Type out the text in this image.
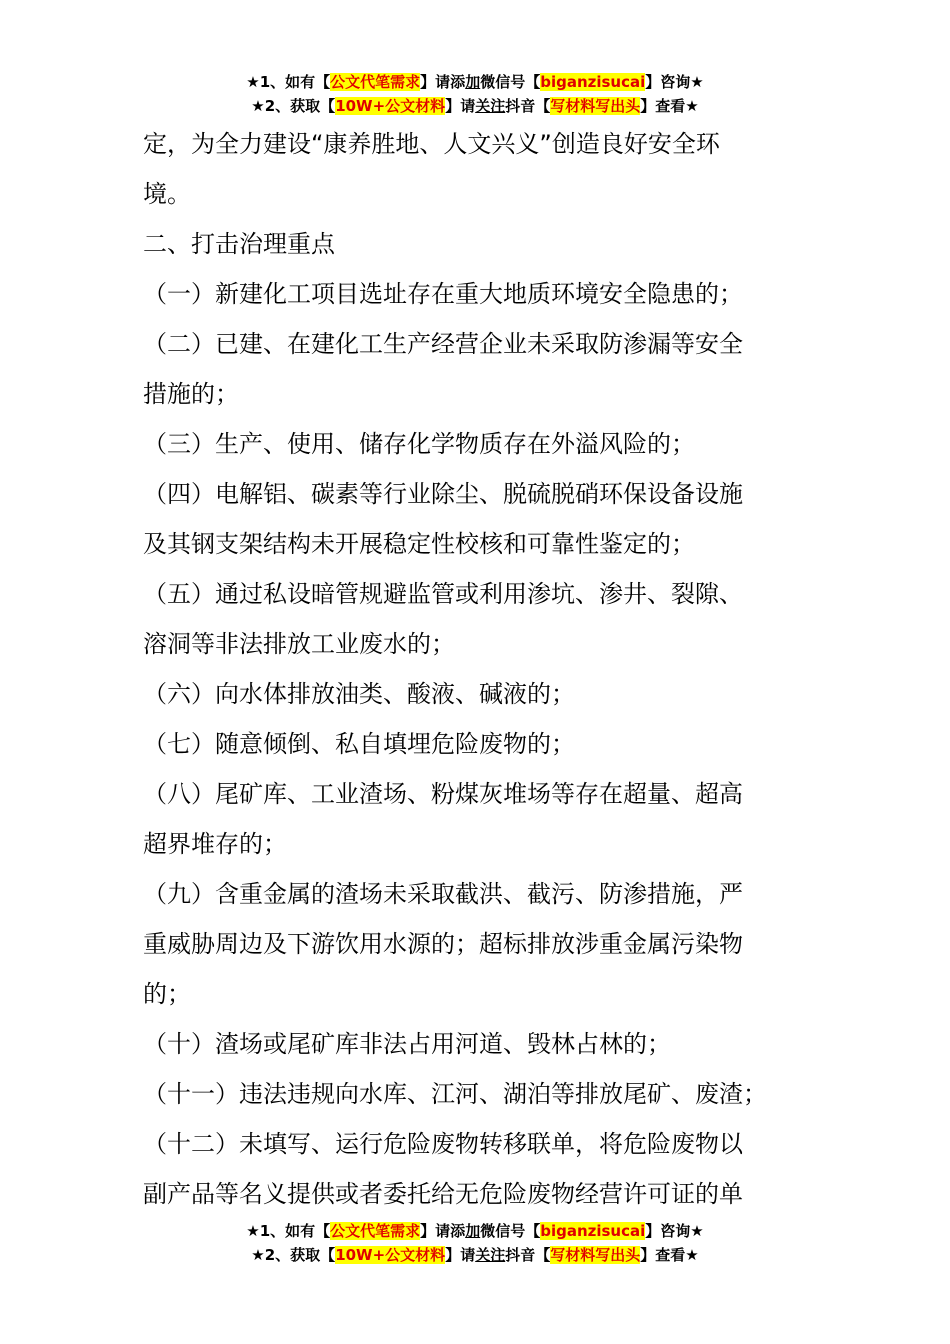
★1、如有【公文代笔需求】请添加微信号【biganzisucai】咨询★
★2、获取【10W+公文材料】请关注抖音【写材料写出头】查看★

定，为全力建设“康养胜地、人文兴义”创造良好安全环

境。

二、打击治理重点

（一）新建化工项目选址存在重大地质环境安全隐患的；

（二）已建、在建化工生产经营企业未采取防渗漏等安全

措施的；

（三）生产、使用、储存化学物质存在外溢风险的；

（四）电解铝、碳素等行业除尘、脱硫脱硝环保设备设施

及其钢支架结构未开展稳定性校核和可靠性鉴定的；

（五）通过私设暗管规避监管或利用渗坑、渗井、裂隙、

溶洞等非法排放工业废水的；

（六）向水体排放油类、酸液、碱液的；

（七）随意倾倒、私自填埋危险废物的；

（八）尾矿库、工业渣场、粉煤灰堆场等存在超量、超高

超界堆存的；

（九）含重金属的渣场未采取截洪、截污、防渗措施，严

重威胁周边及下游饮用水源的；超标排放涉重金属污染物

的；

（十）渣场或尾矿库非法占用河道、毁林占林的；

（十一）违法违规向水库、江河、湖泊等排放尾矿、废渣；

（十二）未填写、运行危险废物转移联单，将危险废物以

副产品等名义提供或者委托给无危险废物经营许可证的单

★1、如有【公文代笔需求】请添加微信号【biganzisucai】咨询★
★2、获取【10W+公文材料】请关注抖音【写材料写出头】查看★
